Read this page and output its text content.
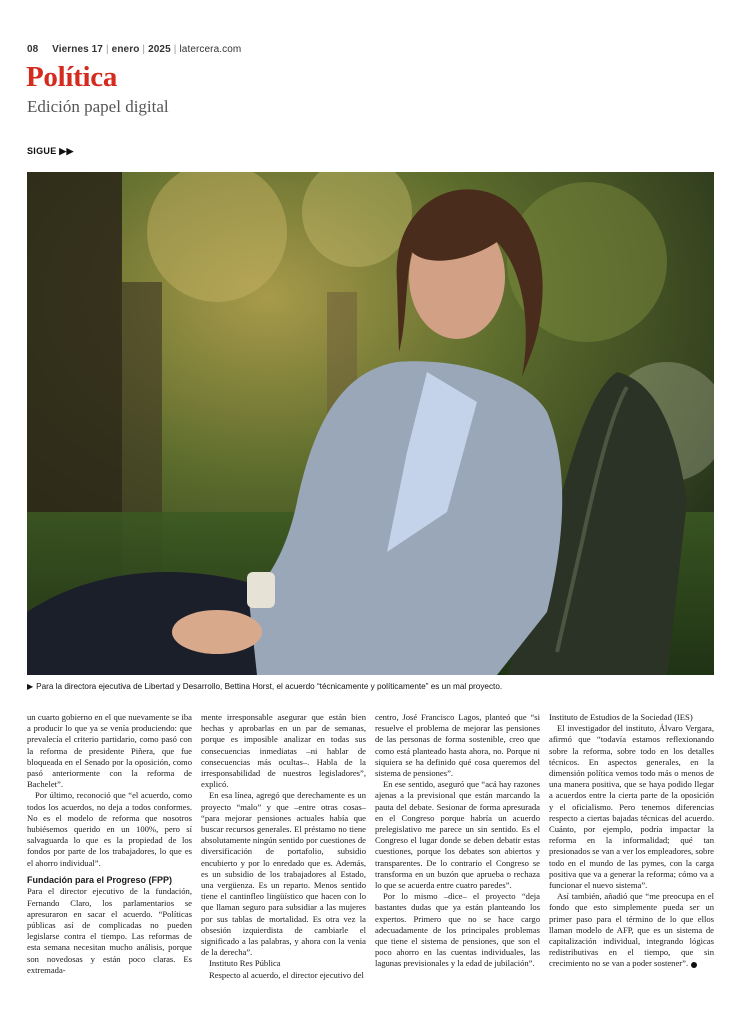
08 Viernes 17 | enero | 2025 | latercera.com
Política
Edición papel digital
SIGUE ▶▶
▶ Para la directora ejecutiva de Libertad y Desarrollo, Bettina Horst, el acuerdo “técnicamente y políticamente” es un mal proyecto.

un cuarto gobierno en el que nuevamente se iba a producir lo que ya se venía produciendo: que prevalecía el criterio partidario, como pasó con la reforma de presidente Piñera, que fue bloqueada en el Senado por la oposición, como pasó anteriormente con la reforma de Bachelet”.

Por último, reconoció que “el acuerdo, como todos los acuerdos, no deja a todos conformes. No es el modelo de reforma que nosotros hubiésemos querido en un 100%, pero sí salvaguarda lo que es la propiedad de los fondos por parte de los trabajadores, lo que es el ahorro individual”.

Fundación para el Progreso (FPP)

Para el director ejecutivo de la fundación, Fernando Claro, los parlamentarios se apresuraron en sacar el acuerdo. “Políticas públicas así de complicadas no pueden legislarse contra el tiempo. Las reformas de esta semana necesitan mucho análisis, porque son novedosas y están poco claras. Es extremada-

mente irresponsable asegurar que están bien hechas y aprobarlas en un par de semanas, porque es imposible analizar en todas sus consecuencias inmediatas –ni hablar de consecuencias más ocultas–. Habla de la irresponsabilidad de nuestros legisladores”, explicó.

En esa línea, agregó que derechamente es un proyecto “malo” y que –entre otras cosas– “para mejorar pensiones actuales había que buscar recursos generales. El préstamo no tiene absolutamente ningún sentido por cuestiones de diversificación de portafolio, subsidio encubierto y por lo enredado que es. Además, es un subsidio de los trabajadores al Estado, una vergüenza. Es un reparto. Menos sentido tiene el cantinfleo lingüístico que hacen con lo que llaman seguro para subsidiar a las mujeres por sus tablas de mortalidad. Es otra vez la obsesión izquierdista de cambiarle el significado a las palabras, y ahora con la venia de la derecha”.

Instituto Res Pública

Respecto al acuerdo, el director ejecutivo del

centro, José Francisco Lagos, planteó que “si resuelve el problema de mejorar las pensiones de las personas de forma sostenible, creo que como está planteado hasta ahora, no. Porque ni siquiera se ha definido qué cosa queremos del sistema de pensiones”.

En ese sentido, aseguró que “acá hay razones ajenas a la previsional que están marcando la pauta del debate. Sesionar de forma apresurada en el Congreso porque habría un acuerdo prelegislativo me parece un sin sentido. Es el Congreso el lugar donde se deben debatir estas cuestiones, porque los debates son abiertos y transparentes. De lo contrario el Congreso se transforma en un buzón que aprueba o rechaza lo que se acuerda entre cuatro paredes”.

Por lo mismo –dice– el proyecto “deja bastantes dudas que ya están planteando los expertos. Primero que no se hace cargo adecuadamente de los principales problemas que tiene el sistema de pensiones, que son el poco ahorro en las cuentas individuales, las lagunas previsionales y la edad de jubilación”.

Instituto de Estudios de la Sociedad (IES)

El investigador del instituto, Álvaro Vergara, afirmó que “todavía estamos reflexionando sobre la reforma, sobre todo en los detalles técnicos. En aspectos generales, en la dimensión política vemos todo más o menos de una manera positiva, que se haya podido llegar a acuerdos entre la cierta parte de la oposición y el oficialismo. Pero tenemos diferencias respecto a ciertas bajadas técnicas del acuerdo. Cuánto, por ejemplo, podría impactar la reforma en la informalidad; qué tan presionados se van a ver los empleadores, sobre todo en el mundo de las pymes, con la carga positiva que va a generar la reforma; cómo va a funcionar el nuevo sistema”.

Así también, añadió que “me preocupa en el fondo que esto simplemente pueda ser un primer paso para el término de lo que ellos llaman modelo de AFP, que es un sistema de capitalización individual, integrando lógicas redistributivas en el tiempo, que sin crecimiento no se van a poder sostener”.
